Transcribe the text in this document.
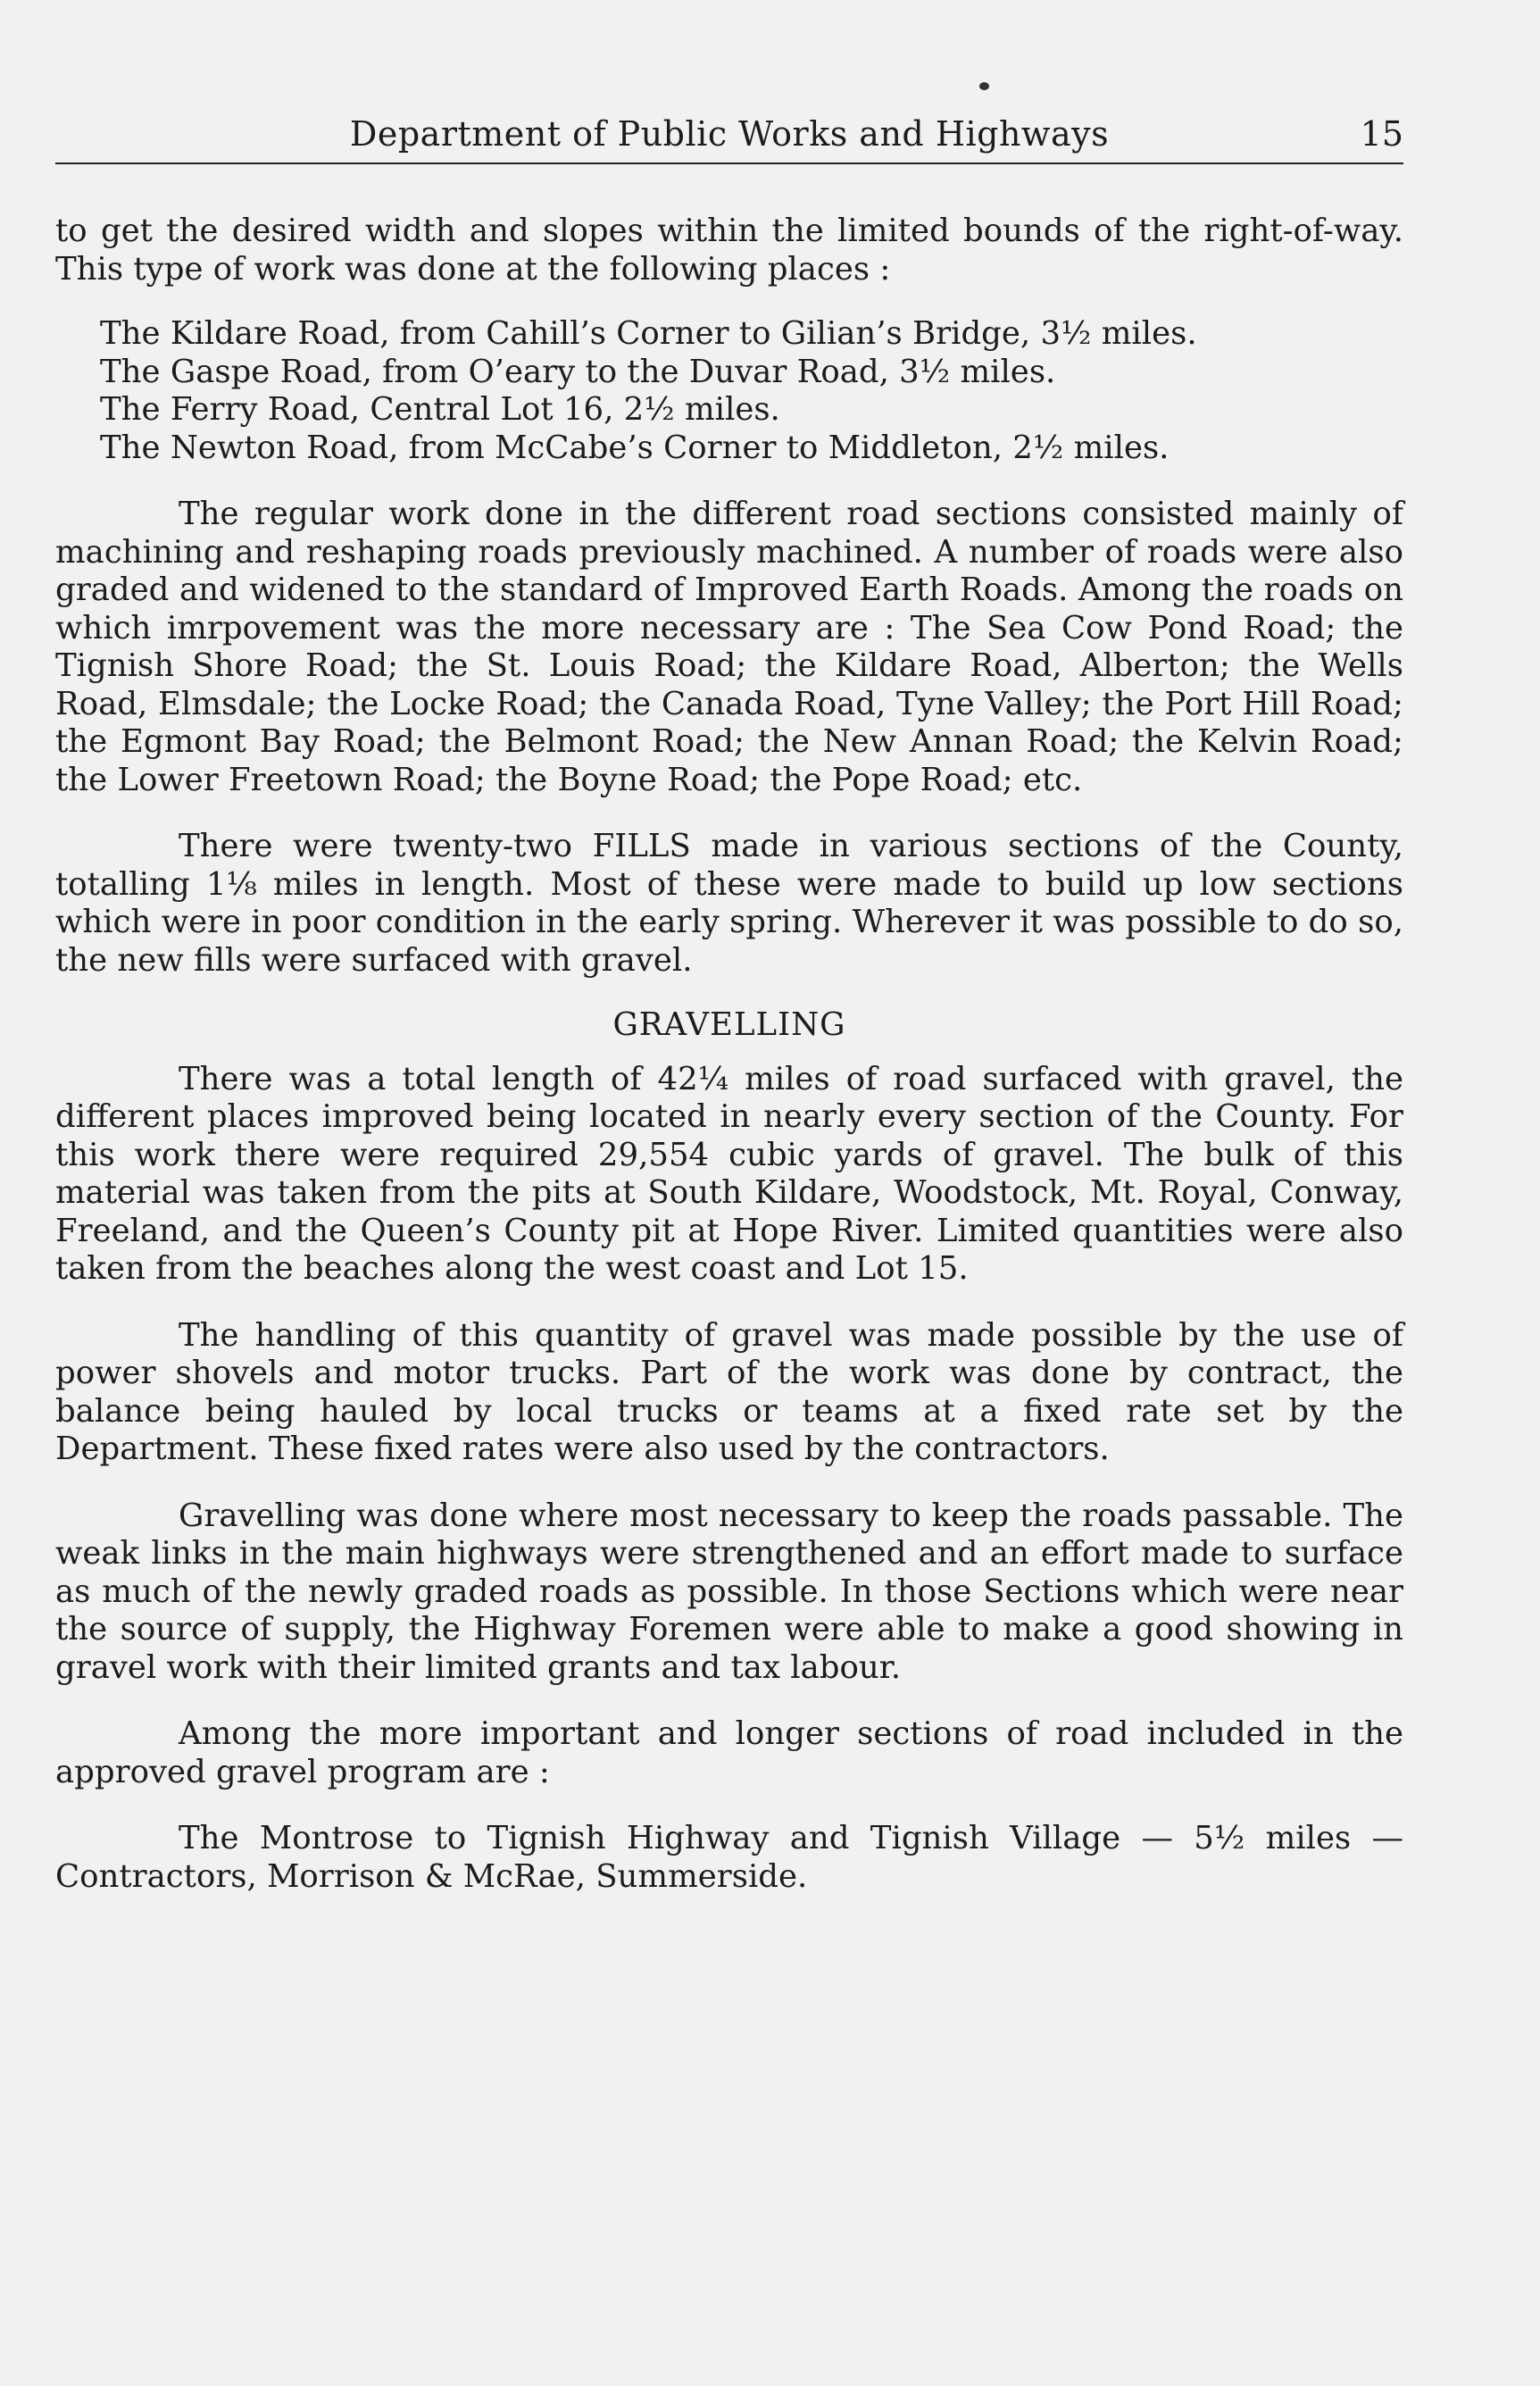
Department of Public Works and Highways	15

to get the desired width and slopes within the limited bounds of the right-of-way. This type of work was done at the following places :

The Kildare Road, from Cahill’s Corner to Gilian’s Bridge, 3½ miles.
The Gaspe Road, from O’eary to the Duvar Road, 3½ miles.
The Ferry Road, Central Lot 16, 2½ miles.
The Newton Road, from McCabe’s Corner to Middleton, 2½ miles.

The regular work done in the different road sections consisted mainly of machining and reshaping roads previously machined. A number of roads were also graded and widened to the standard of Improved Earth Roads. Among the roads on which imrpovement was the more necessary are : The Sea Cow Pond Road; the Tignish Shore Road; the St. Louis Road; the Kildare Road, Alberton; the Wells Road, Elmsdale; the Locke Road; the Canada Road, Tyne Valley; the Port Hill Road; the Egmont Bay Road; the Belmont Road; the New Annan Road; the Kelvin Road; the Lower Freetown Road; the Boyne Road; the Pope Road; etc.

There were twenty-two FILLS made in various sections of the County, totalling 1⅛ miles in length. Most of these were made to build up low sections which were in poor condition in the early spring. Wherever it was possible to do so, the new fills were surfaced with gravel.

GRAVELLING

There was a total length of 42¼ miles of road surfaced with gravel, the different places improved being located in nearly every section of the County. For this work there were required 29,554 cubic yards of gravel. The bulk of this material was taken from the pits at South Kildare, Woodstock, Mt. Royal, Conway, Freeland, and the Queen’s County pit at Hope River. Limited quantities were also taken from the beaches along the west coast and Lot 15.

The handling of this quantity of gravel was made possible by the use of power shovels and motor trucks. Part of the work was done by contract, the balance being hauled by local trucks or teams at a fixed rate set by the Department. These fixed rates were also used by the contractors.

Gravelling was done where most necessary to keep the roads passable. The weak links in the main highways were strengthened and an effort made to surface as much of the newly graded roads as possible. In those Sections which were near the source of supply, the Highway Foremen were able to make a good showing in gravel work with their limited grants and tax labour.

Among the more important and longer sections of road included in the approved gravel program are :

The Montrose to Tignish Highway and Tignish Village — 5½ miles — Contractors, Morrison & McRae, Summerside.
